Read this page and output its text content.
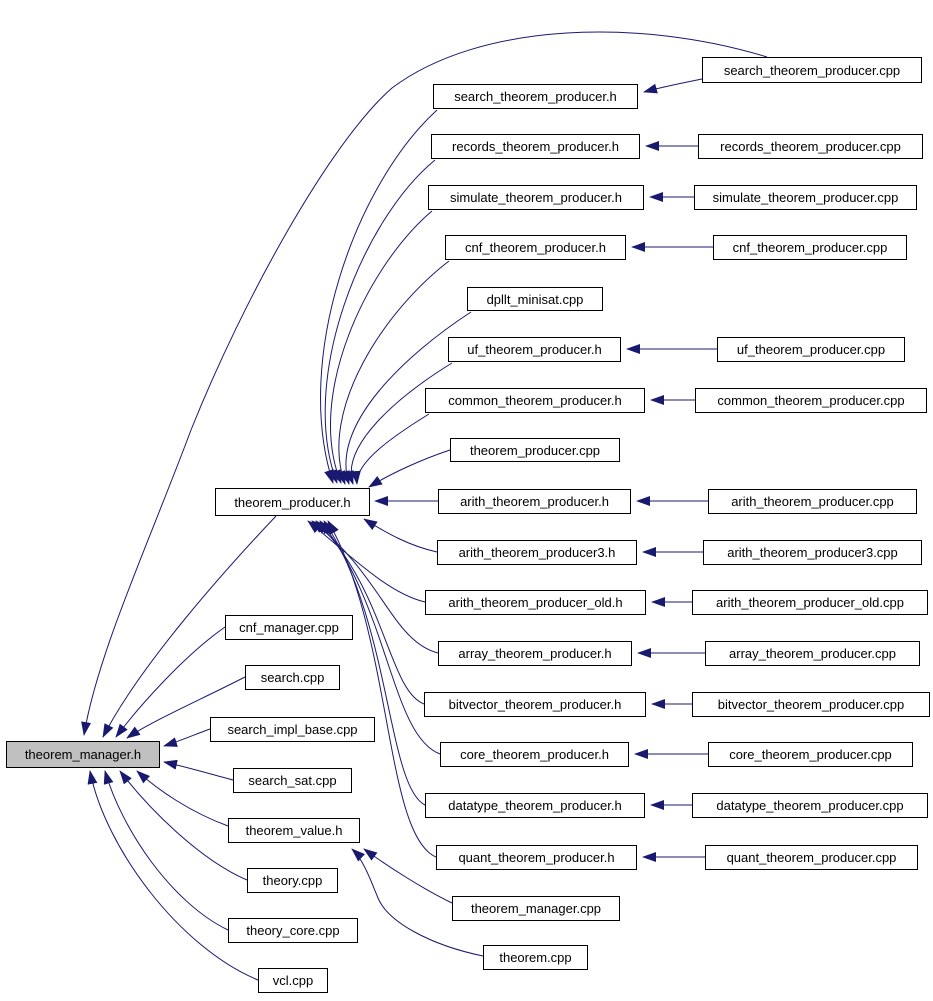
theorem_manager.h
theorem_producer.h
cnf_manager.cpp
search.cpp
search_impl_base.cpp
search_sat.cpp
theorem_value.h
theory.cpp
theory_core.cpp
vcl.cpp
search_theorem_producer.h
records_theorem_producer.h
simulate_theorem_producer.h
cnf_theorem_producer.h
dpllt_minisat.cpp
uf_theorem_producer.h
common_theorem_producer.h
theorem_producer.cpp
arith_theorem_producer.h
arith_theorem_producer3.h
arith_theorem_producer_old.h
array_theorem_producer.h
bitvector_theorem_producer.h
core_theorem_producer.h
datatype_theorem_producer.h
quant_theorem_producer.h
theorem_manager.cpp
theorem.cpp
search_theorem_producer.cpp
records_theorem_producer.cpp
simulate_theorem_producer.cpp
cnf_theorem_producer.cpp
uf_theorem_producer.cpp
common_theorem_producer.cpp
arith_theorem_producer.cpp
arith_theorem_producer3.cpp
arith_theorem_producer_old.cpp
array_theorem_producer.cpp
bitvector_theorem_producer.cpp
core_theorem_producer.cpp
datatype_theorem_producer.cpp
quant_theorem_producer.cpp
